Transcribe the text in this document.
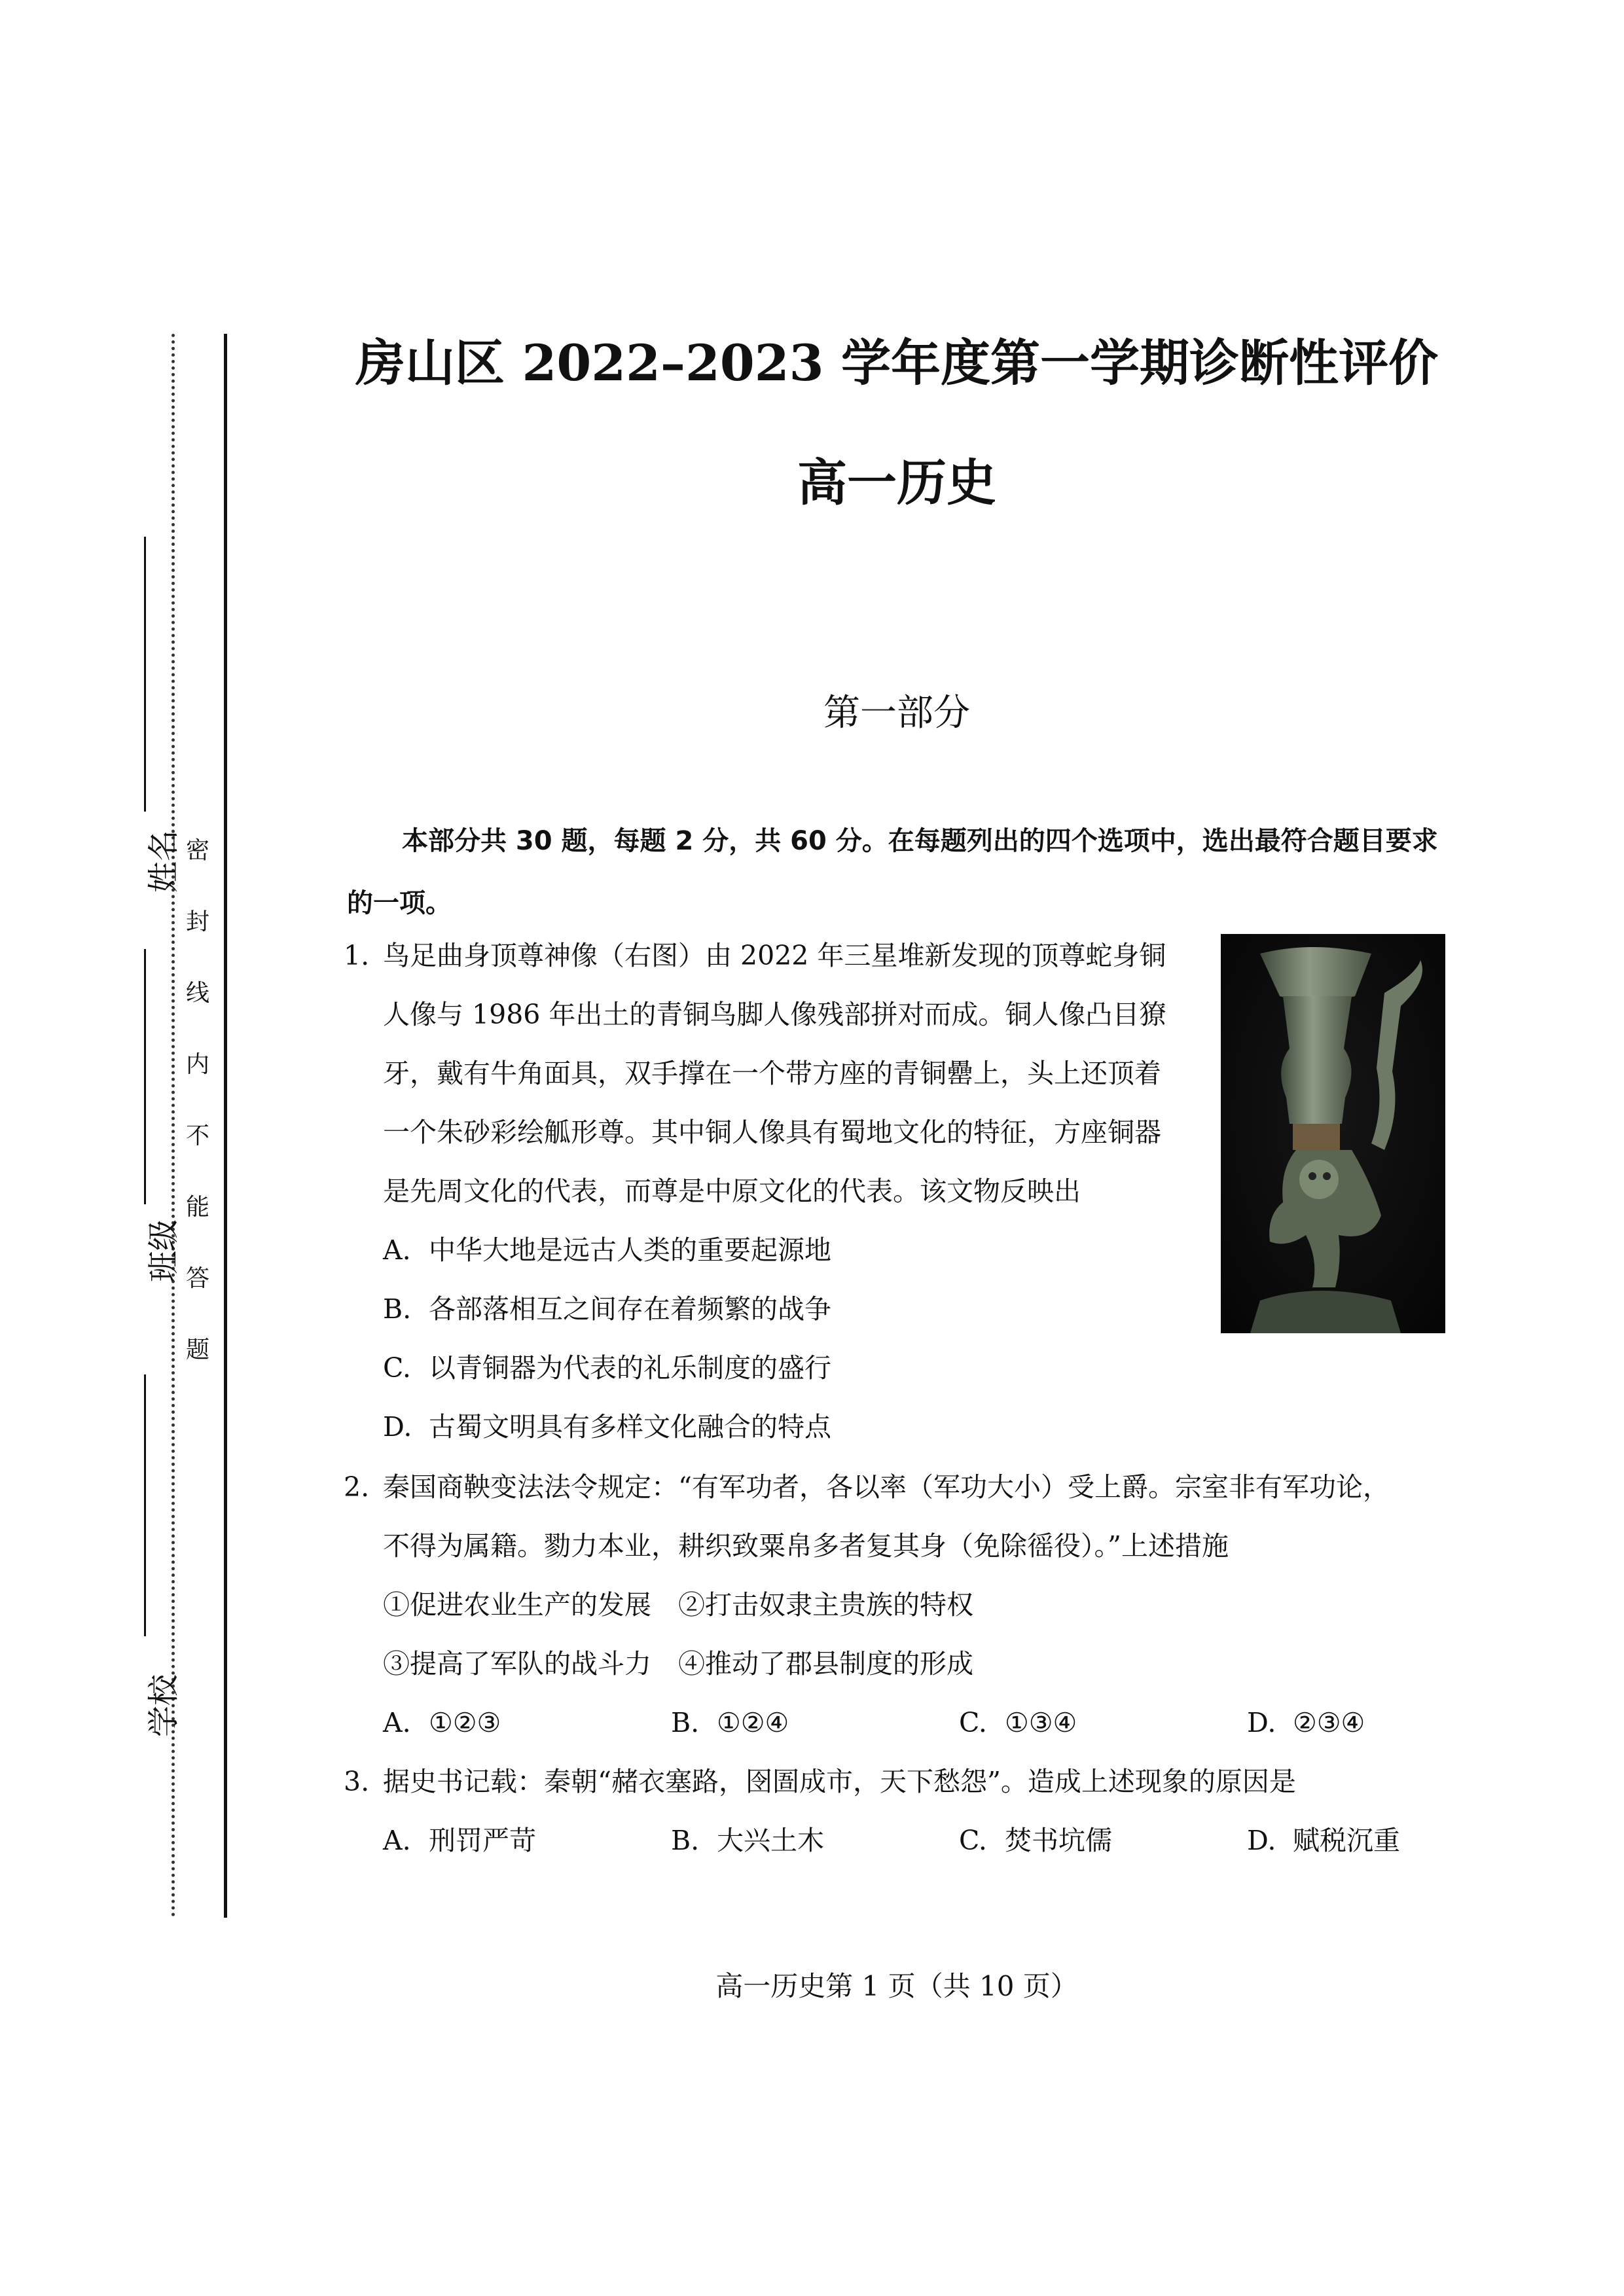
姓名
班级
学校
密
封
线
内
不
能
答
题
房山区 2022–2023 学年度第一学期诊断性评价
高一历史
第一部分
本部分共 30 题，每题 2 分，共 60 分。在每题列出的四个选项中，选出最符合题目要求的一项。
1. 鸟足曲身顶尊神像（右图）由 2022 年三星堆新发现的顶尊蛇身铜
人像与 1986 年出土的青铜鸟脚人像残部拼对而成。铜人像凸目獠
牙，戴有牛角面具，双手撑在一个带方座的青铜罍上，头上还顶着
一个朱砂彩绘觚形尊。其中铜人像具有蜀地文化的特征，方座铜器
是先周文化的代表，而尊是中原文化的代表。该文物反映出
A. 中华大地是远古人类的重要起源地
B. 各部落相互之间存在着频繁的战争
C. 以青铜器为代表的礼乐制度的盛行
D. 古蜀文明具有多样文化融合的特点
2. 秦国商鞅变法法令规定：“有军功者，各以率（军功大小）受上爵。宗室非有军功论，
不得为属籍。勠力本业，耕织致粟帛多者复其身（免除徭役）。”上述措施
①促进农业生产的发展　②打击奴隶主贵族的特权
③提高了军队的战斗力　④推动了郡县制度的形成
A. ①②③	B. ①②④	C. ①③④	D. ②③④
3. 据史书记载：秦朝“赭衣塞路，囹圄成市，天下愁怨”。造成上述现象的原因是
A. 刑罚严苛	B. 大兴土木	C. 焚书坑儒	D. 赋税沉重
高一历史第 1 页（共 10 页）
